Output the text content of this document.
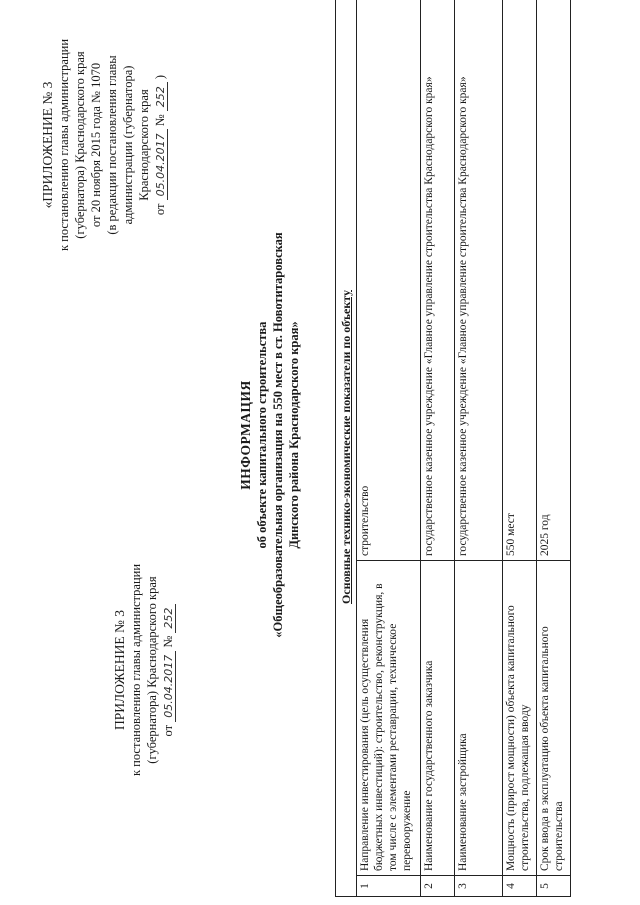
ПРИЛОЖЕНИЕ № 3 к постановлению главы администрации (губернатора) Краснодарского края от 05.04.2017 № 252
«ПРИЛОЖЕНИЕ № 3 к постановлению главы администрации (губернатора) Краснодарского края от 20 ноября 2015 года № 1070 (в редакции постановления главы администрации (губернатора) Краснодарского края
от 05.04.2017 № 252 )
ИНФОРМАЦИЯ об объекте капитального строительства «Общеобразовательная организация на 550 мест в ст. Новотитаровская Динского района Краснодарского края»	Основные технико-экономические показатели по объекту		
1	Направление инвестирования (цель осуществления бюджетных инвестиций): строительство, реконструкция, в том числе с элементами реставрации, техническое перевооружение	строительство
2	Наименование государственного заказчика	государственное казенное учреждение «Главное управление строительства Краснодарского края»
3	Наименование застройщика	государственное казенное учреждение «Главное управление строительства Краснодарского края»
4	Мощность (прирост мощности) объекта капитального строительства, подлежащая вводу	550 мест
5	Срок ввода в эксплуатацию объекта капитального строительства	2025 год
